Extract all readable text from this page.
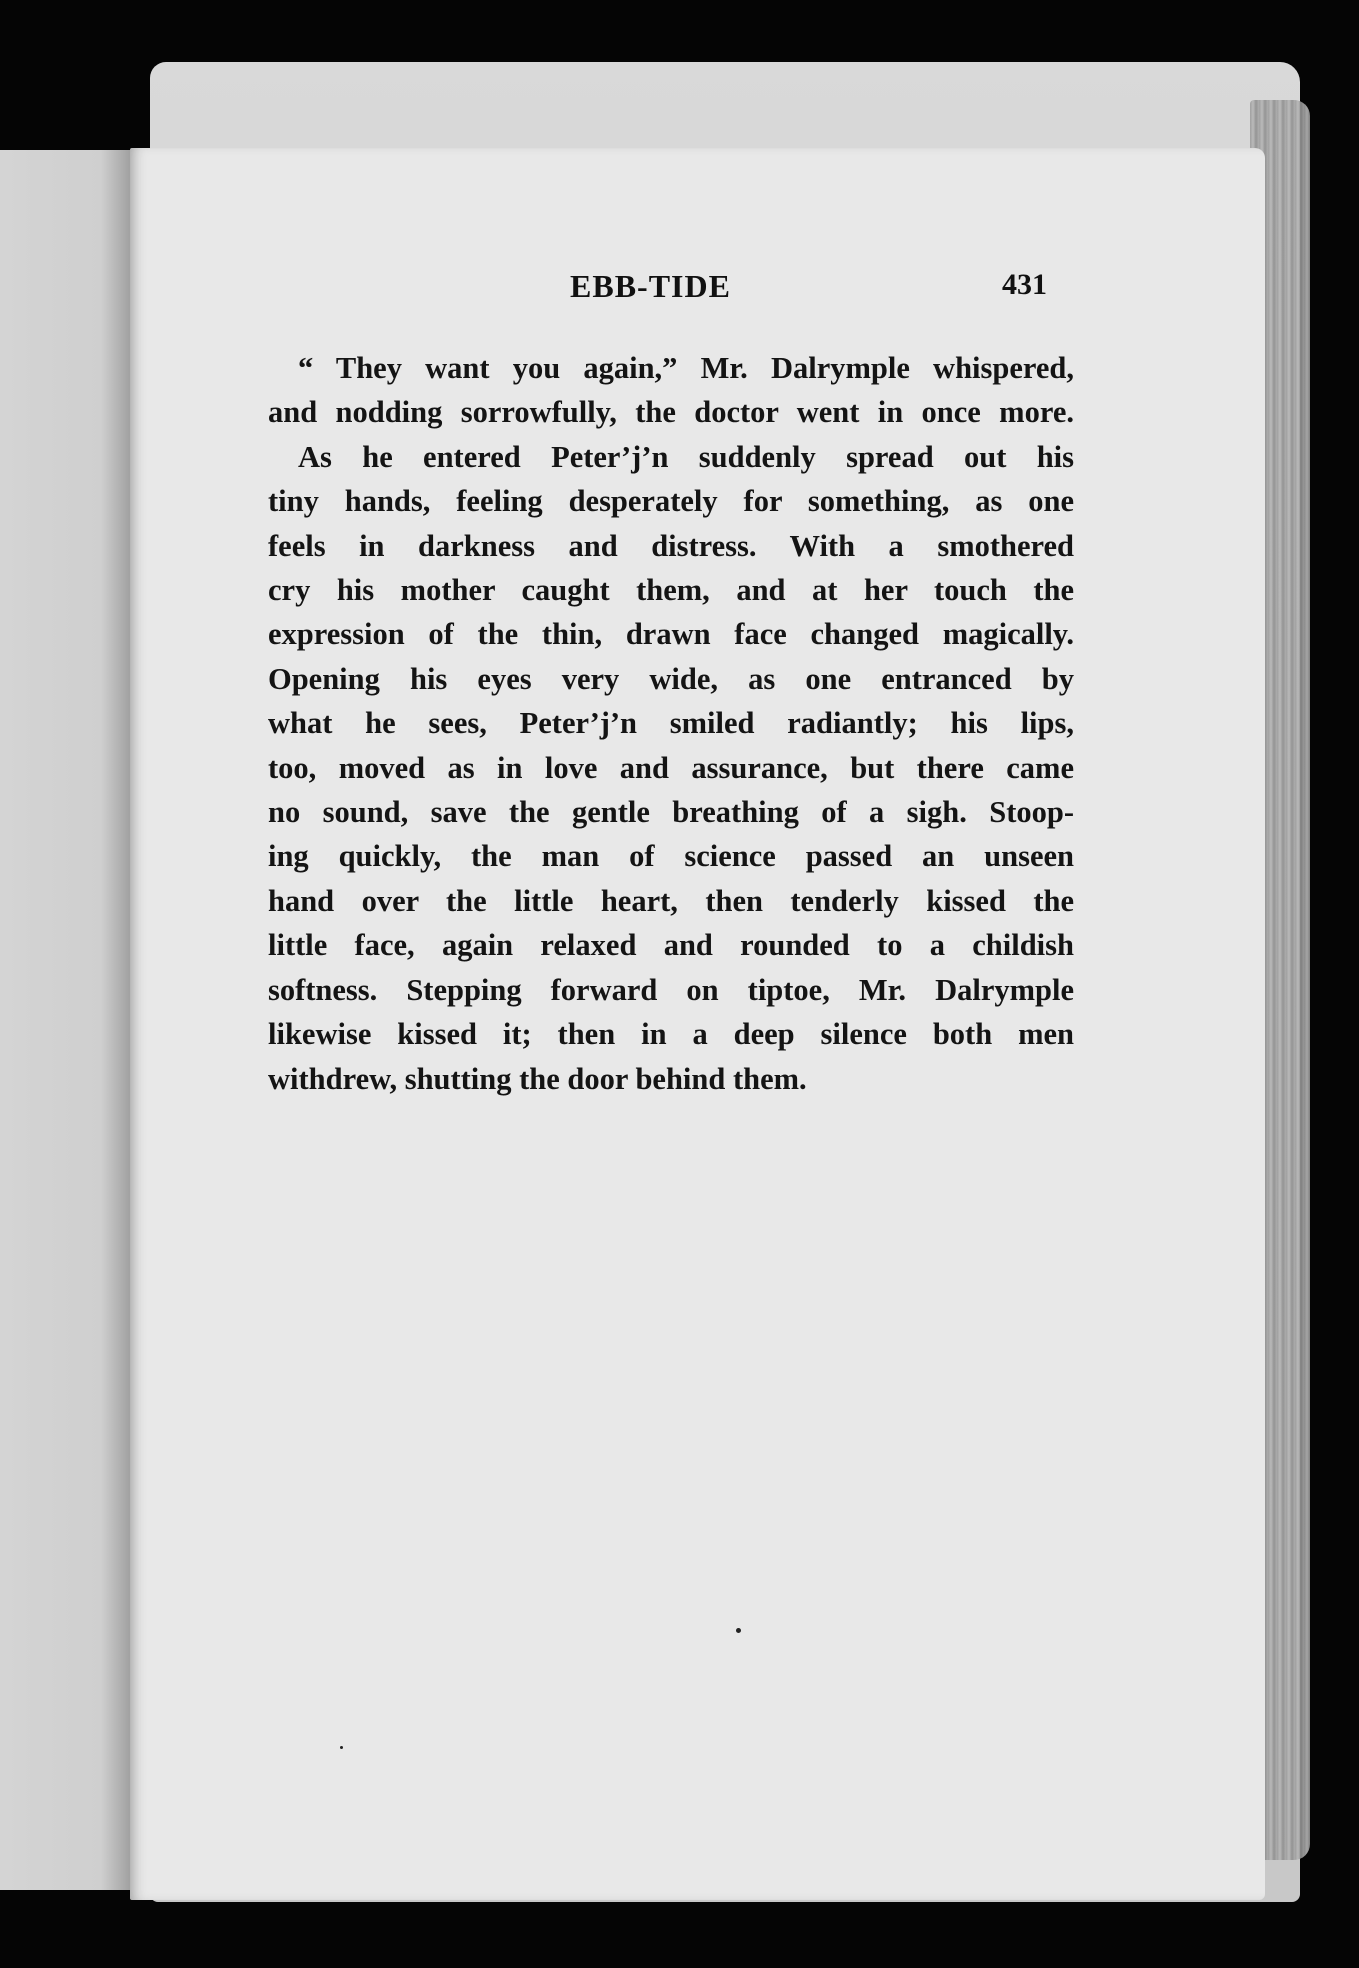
EBB-TIDE	431

“ They want you again,” Mr. Dalrymple whispered,

and nodding sorrowfully, the doctor went in once more.

As he entered Peter’j’n suddenly spread out his

tiny hands, feeling desperately for something, as one

feels in darkness and distress. With a smothered

cry his mother caught them, and at her touch the

expression of the thin, drawn face changed magically.

Opening his eyes very wide, as one entranced by

what he sees, Peter’j’n smiled radiantly; his lips,

too, moved as in love and assurance, but there came

no sound, save the gentle breathing of a sigh. Stoop-

ing quickly, the man of science passed an unseen

hand over the little heart, then tenderly kissed the

little face, again relaxed and rounded to a childish

softness. Stepping forward on tiptoe, Mr. Dalrymple

likewise kissed it; then in a deep silence both men

withdrew, shutting the door behind them.
